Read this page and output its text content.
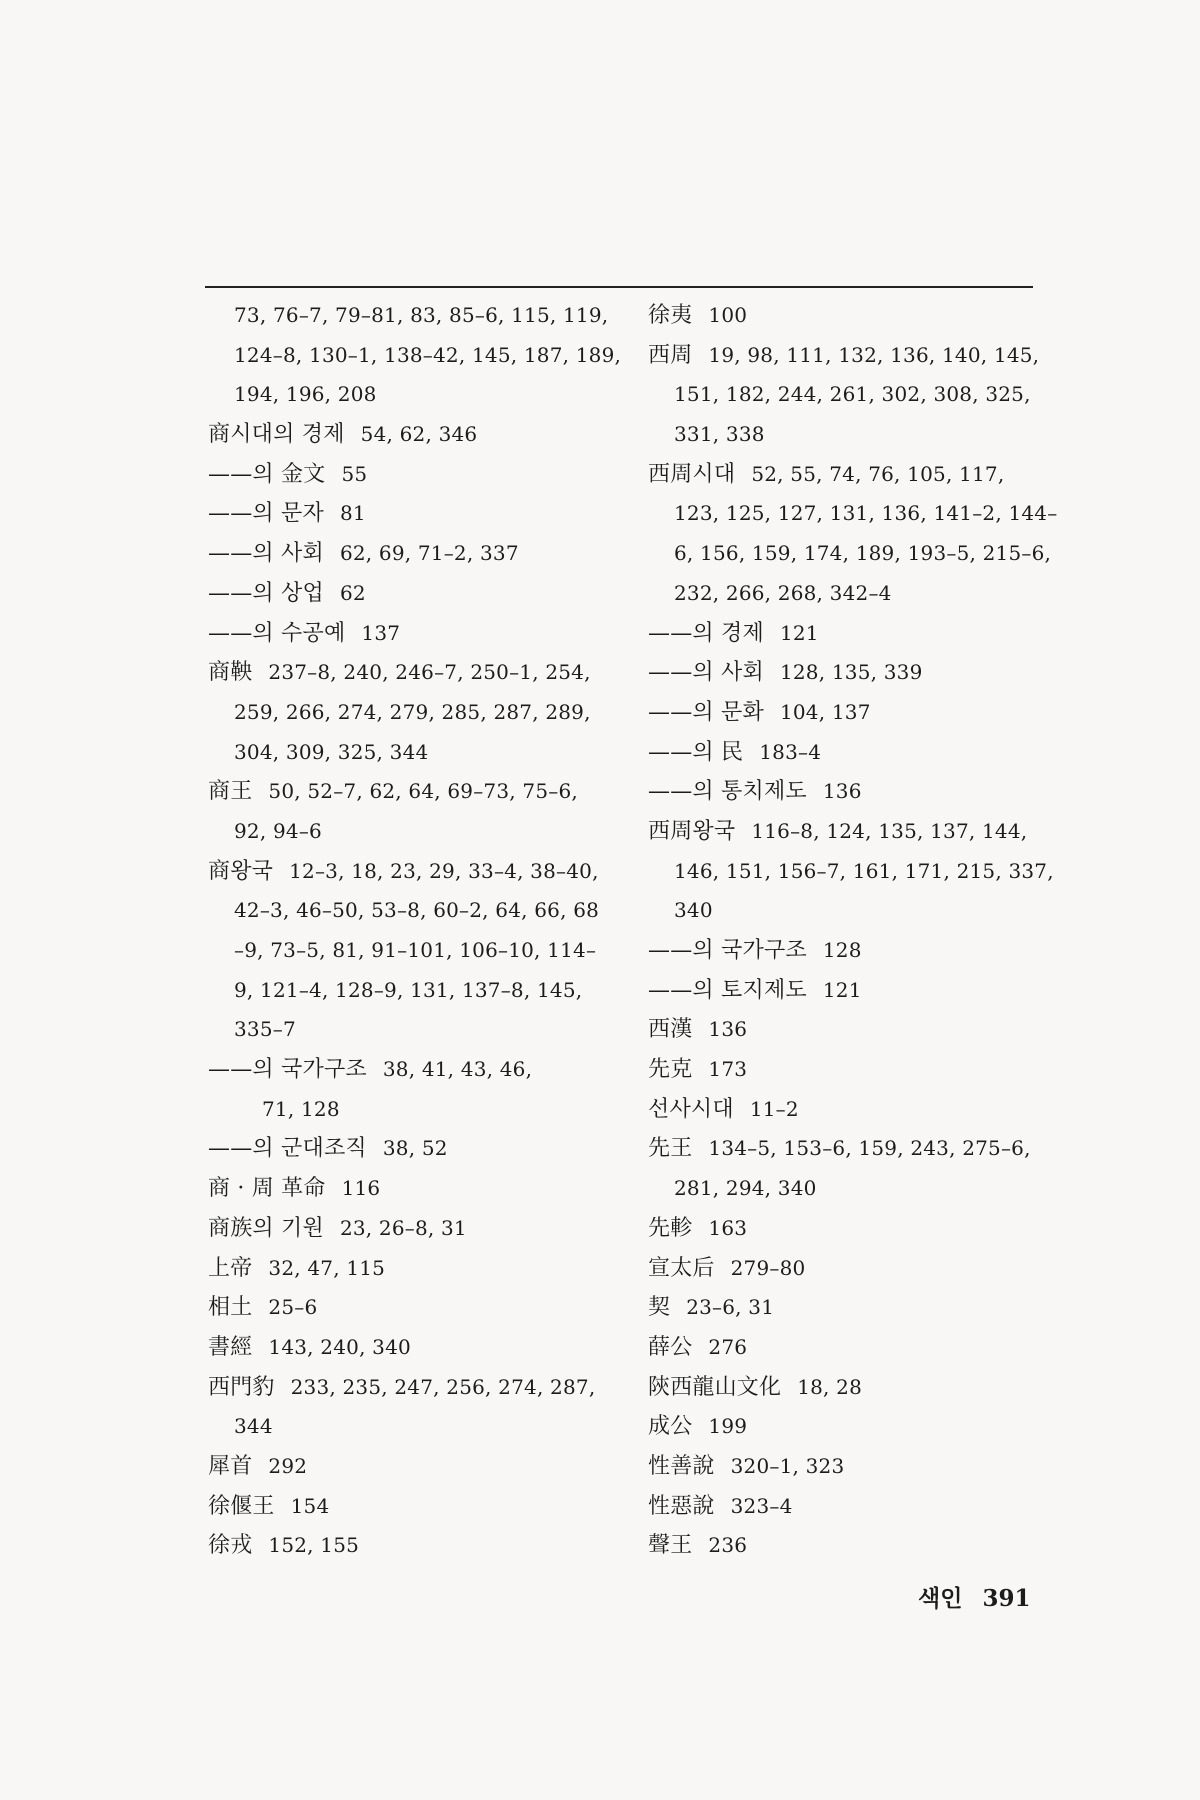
73, 76–7, 79–81, 83, 85–6, 115, 119,
124–8, 130–1, 138–42, 145, 187, 189,
194, 196, 208
商시대의 경제 54, 62, 346
——의 金文 55
——의 문자 81
——의 사회 62, 69, 71–2, 337
——의 상업 62
——의 수공예 137
商鞅 237–8, 240, 246–7, 250–1, 254,
259, 266, 274, 279, 285, 287, 289,
304, 309, 325, 344
商王 50, 52–7, 62, 64, 69–73, 75–6,
92, 94–6
商왕국 12–3, 18, 23, 29, 33–4, 38–40,
42–3, 46–50, 53–8, 60–2, 64, 66, 68
–9, 73–5, 81, 91–101, 106–10, 114–
9, 121–4, 128–9, 131, 137–8, 145,
335–7
——의 국가구조 38, 41, 43, 46,
71, 128
——의 군대조직 38, 52
商 · 周 革命 116
商族의 기원 23, 26–8, 31
上帝 32, 47, 115
相土 25–6
書經 143, 240, 340
西門豹 233, 235, 247, 256, 274, 287,
344
犀首 292
徐偃王 154
徐戎 152, 155
徐夷 100
西周 19, 98, 111, 132, 136, 140, 145,
151, 182, 244, 261, 302, 308, 325,
331, 338
西周시대 52, 55, 74, 76, 105, 117,
123, 125, 127, 131, 136, 141–2, 144–
6, 156, 159, 174, 189, 193–5, 215–6,
232, 266, 268, 342–4
——의 경제 121
——의 사회 128, 135, 339
——의 문화 104, 137
——의 民 183–4
——의 통치제도 136
西周왕국 116–8, 124, 135, 137, 144,
146, 151, 156–7, 161, 171, 215, 337,
340
——의 국가구조 128
——의 토지제도 121
西漢 136
先克 173
선사시대 11–2
先王 134–5, 153–6, 159, 243, 275–6,
281, 294, 340
先軫 163
宣太后 279–80
契 23–6, 31
薛公 276
陝西龍山文化 18, 28
成公 199
性善說 320–1, 323
性惡說 323–4
聲王 236
색인 391
